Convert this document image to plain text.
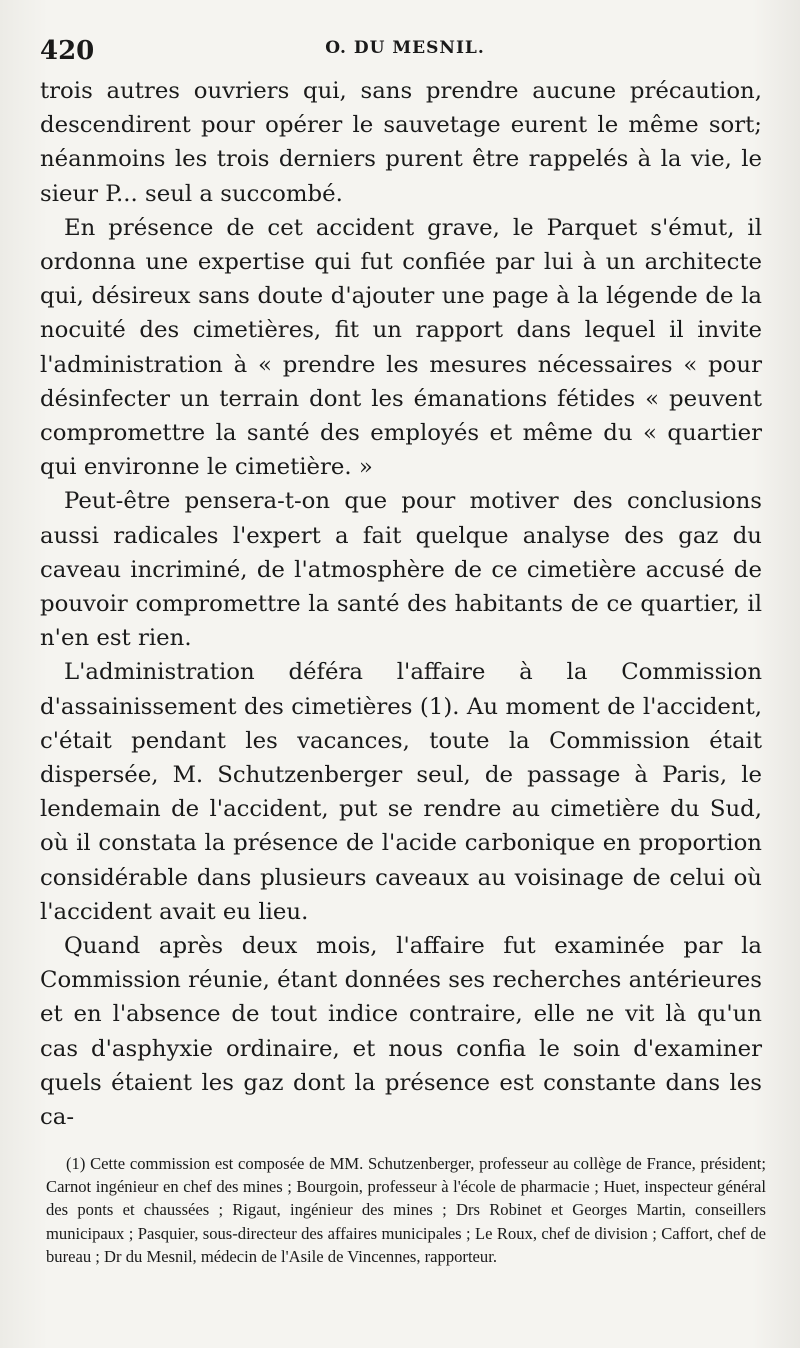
420	O. DU MESNIL.

trois autres ouvriers qui, sans prendre aucune précaution, descendirent pour opérer le sauvetage eurent le même sort; néanmoins les trois derniers purent être rappelés à la vie, le sieur P... seul a succombé.

En présence de cet accident grave, le Parquet s'émut, il ordonna une expertise qui fut confiée par lui à un architecte qui, désireux sans doute d'ajouter une page à la légende de la nocuité des cimetières, fit un rapport dans lequel il invite l'administration à « prendre les mesures nécessaires « pour désinfecter un terrain dont les émanations fétides « peuvent compromettre la santé des employés et même du « quartier qui environne le cimetière. »

Peut-être pensera-t-on que pour motiver des conclusions aussi radicales l'expert a fait quelque analyse des gaz du caveau incriminé, de l'atmosphère de ce cimetière accusé de pouvoir compromettre la santé des habitants de ce quartier, il n'en est rien.

L'administration déféra l'affaire à la Commission d'assainissement des cimetières (1). Au moment de l'accident, c'était pendant les vacances, toute la Commission était dispersée, M. Schutzenberger seul, de passage à Paris, le lendemain de l'accident, put se rendre au cimetière du Sud, où il constata la présence de l'acide carbonique en proportion considérable dans plusieurs caveaux au voisinage de celui où l'accident avait eu lieu.

Quand après deux mois, l'affaire fut examinée par la Commission réunie, étant données ses recherches antérieures et en l'absence de tout indice contraire, elle ne vit là qu'un cas d'asphyxie ordinaire, et nous confia le soin d'examiner quels étaient les gaz dont la présence est constante dans les ca-

(1) Cette commission est composée de MM. Schutzenberger, professeur au collège de France, président; Carnot ingénieur en chef des mines ; Bourgoin, professeur à l'école de pharmacie ; Huet, inspecteur général des ponts et chaussées ; Rigaut, ingénieur des mines ; Drs Robinet et Georges Martin, conseillers municipaux ; Pasquier, sous-directeur des affaires municipales ; Le Roux, chef de division ; Caffort, chef de bureau ; Dr du Mesnil, médecin de l'Asile de Vincennes, rapporteur.
